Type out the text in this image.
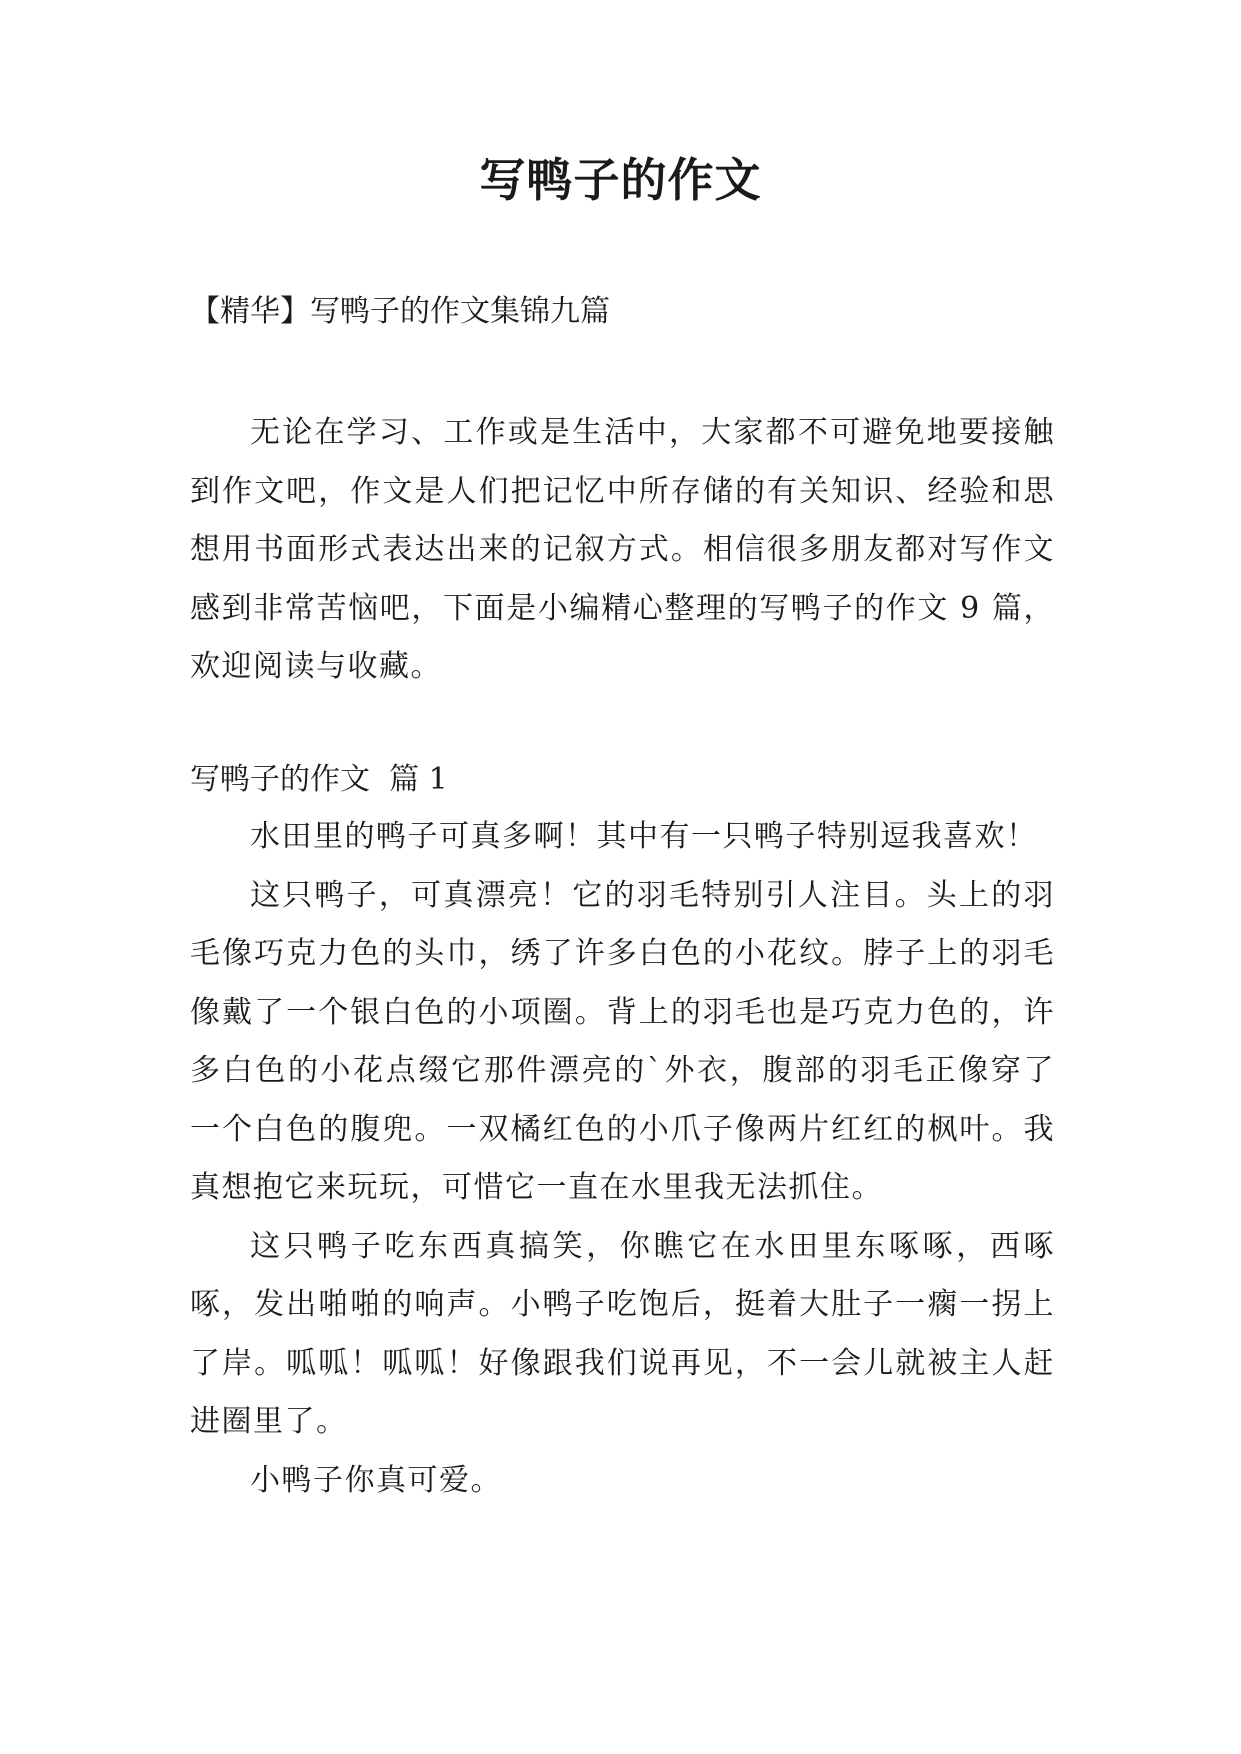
写鸭子的作文
【精华】写鸭子的作文集锦九篇

无论在学习、工作或是生活中，大家都不可避免地要接触到作文吧，作文是人们把记忆中所存储的有关知识、经验和思想用书面形式表达出来的记叙方式。相信很多朋友都对写作文感到非常苦恼吧，下面是小编精心整理的写鸭子的作文 9 篇，欢迎阅读与收藏。

写鸭子的作文  篇 1

水田里的鸭子可真多啊！其中有一只鸭子特别逗我喜欢！

这只鸭子，可真漂亮！它的羽毛特别引人注目。头上的羽毛像巧克力色的头巾，绣了许多白色的小花纹。脖子上的羽毛像戴了一个银白色的小项圈。背上的羽毛也是巧克力色的，许多白色的小花点缀它那件漂亮的`外衣，腹部的羽毛正像穿了一个白色的腹兜。一双橘红色的小爪子像两片红红的枫叶。我真想抱它来玩玩，可惜它一直在水里我无法抓住。

这只鸭子吃东西真搞笑，你瞧它在水田里东啄啄，西啄啄，发出啪啪的响声。小鸭子吃饱后，挺着大肚子一瘸一拐上了岸。呱呱！呱呱！好像跟我们说再见，不一会儿就被主人赶进圈里了。

小鸭子你真可爱。
